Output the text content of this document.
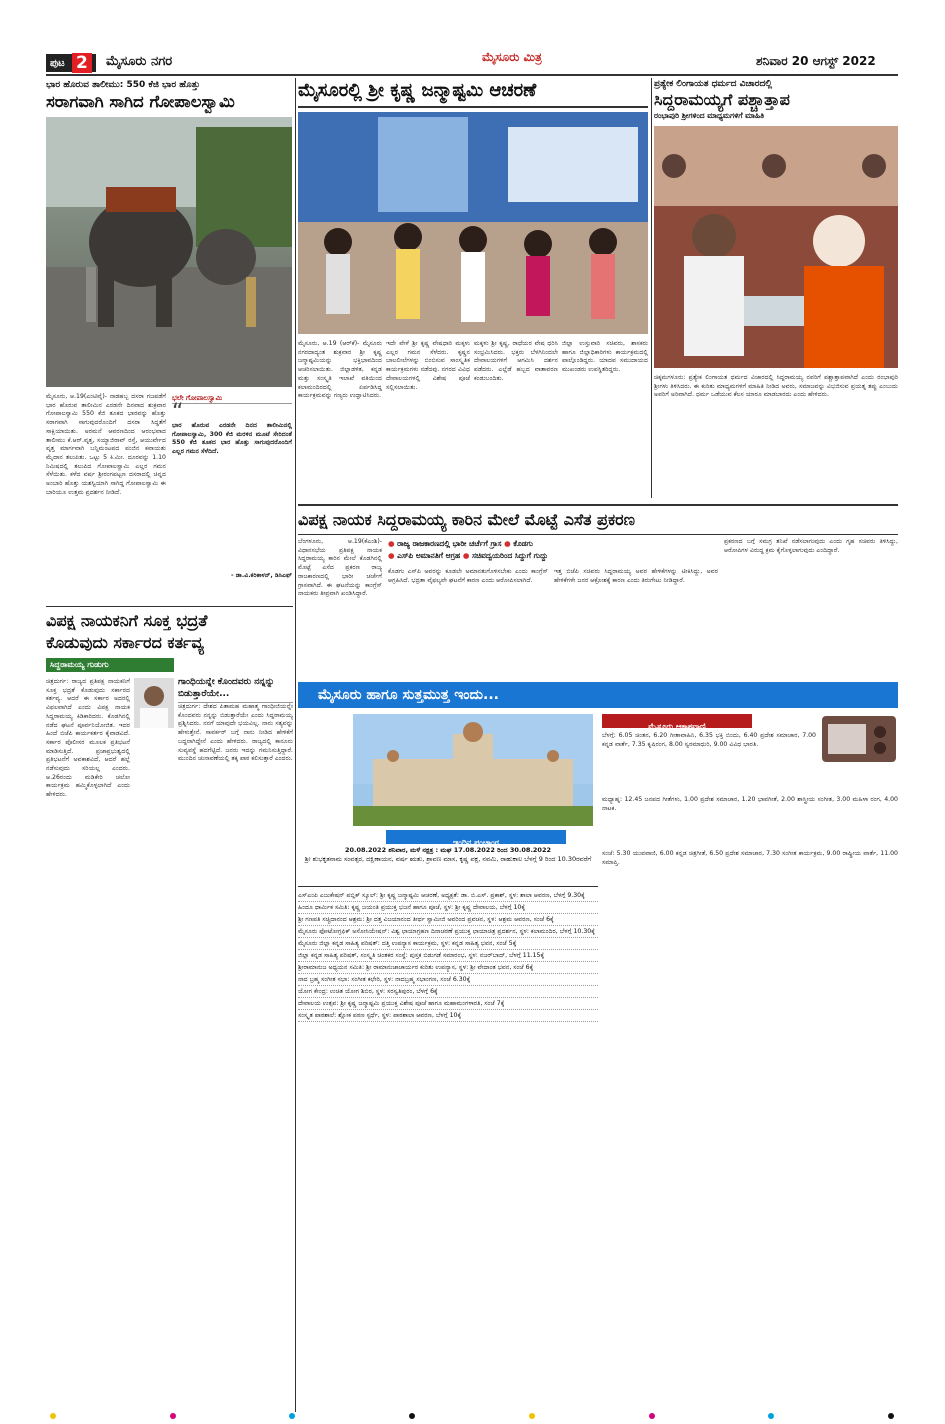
ಪುಟ 2	ಮೈಸೂರು ನಗರ	ಮೈಸೂರು ಮಿತ್ರ	ಶನಿವಾರ 20 ಆಗಸ್ಟ್ 2022
ಭಾರ ಹೊರುವ ತಾಲೀಮು: 550 ಕೆಜಿ ಭಾರ ಹೊತ್ತು
ಸರಾಗವಾಗಿ ಸಾಗಿದ ಗೋಪಾಲಸ್ವಾಮಿ
ಮೈಸೂರು, ಆ.19(ಎಂಟಿವೈ)- ನಾಡಹಬ್ಬ ದಸರಾ ಗಜಪಡೆಗೆ ಭಾರ ಹೊರುವ ತಾಲೀಮಿನ ಎರಡನೇ ದಿನವಾದ ಶುಕ್ರವಾರ ಗೋಪಾಲಸ್ವಾಮಿ 550 ಕೆಜಿ ತೂಕದ ಭಾರವನ್ನು ಹೊತ್ತು ಸರಾಗವಾಗಿ ಸಾಗುವುದರೊಂದಿಗೆ ದಸರಾ ಸಿದ್ಧತೆಗೆ ಸಾಕ್ಷಿಯಾಯಿತು. ಅರಮನೆ ಆವರಣದಿಂದ ಆರಂಭವಾದ ತಾಲೀಮು ಕೆ.ಆರ್.ವೃತ್ತ, ಸಯ್ಯಾಜಿರಾವ್ ರಸ್ತೆ, ಆಯುರ್ವೇದ ವೃತ್ತ ಮಾರ್ಗವಾಗಿ ಬನ್ನಿಮಂಟಪದ ಪಂಜಿನ ಕವಾಯತು ಮೈದಾನ ತಲುಪಿತು. ಒಟ್ಟು 5 ಕಿ.ಮೀ. ದೂರವನ್ನು 1.10 ನಿಮಿಷದಲ್ಲಿ ತಲುಪಿದ ಗೋಪಾಲಸ್ವಾಮಿ ಎಲ್ಲರ ಗಮನ ಸೆಳೆಯಿತು. ಕಳೆದ ವರ್ಷ ಶ್ರೀರಂಗಪಟ್ಟಣ ದಸರಾದಲ್ಲಿ ಚಿನ್ನದ ಅಂಬಾರಿ ಹೊತ್ತು ಯಶಸ್ವಿಯಾಗಿ ಸಾಗಿದ್ದ ಗೋಪಾಲಸ್ವಾಮಿ ಈ ಬಾರಿಯೂ ಉತ್ತಮ ಪ್ರದರ್ಶನ ನೀಡಿದೆ.
ಭಲೇ ಗೋಪಾಲಸ್ವಾಮಿ
“
ಭಾರ ಹೊರುವ ಎರಡನೇ ದಿನದ ತಾಲೀಮಿನಲ್ಲಿ ಗೋಪಾಲಸ್ವಾಮಿ, 300 ಕೆಜಿ ಮರಳಿನ ಮೂಟೆ ಸೇರಿದಂತೆ 550 ಕೆಜಿ ತೂಕದ ಭಾರ ಹೊತ್ತು ಸಾಗುವುದರೊಂದಿಗೆ ಎಲ್ಲರ ಗಮನ ಸೆಳೆದಿದೆ.
- ಡಾ.ವಿ.ಕರಿಕಾಳನ್, ಡಿಸಿಎಫ್
ಮೈಸೂರಲ್ಲಿ ಶ್ರೀ ಕೃಷ್ಣ ಜನ್ಮಾಷ್ಟಮಿ ಆಚರಣೆ
ಮೈಸೂರು, ಆ.19 (ಆರ್‌ಕೆ)- ಮೈಸೂರು ನಗರದಾದ್ಯಂತ ಶುಕ್ರವಾರ ಶ್ರೀ ಕೃಷ್ಣ ಜನ್ಮಾಷ್ಟಮಿಯನ್ನು ಭಕ್ತಿಭಾವದಿಂದ ಆಚರಿಸಲಾಯಿತು. ಜಿಲ್ಲಾಡಳಿತ, ಕನ್ನಡ ಮತ್ತು ಸಂಸ್ಕೃತಿ ಇಲಾಖೆ ವತಿಯಿಂದ ಕಲಾಮಂದಿರದಲ್ಲಿ ಏರ್ಪಡಿಸಿದ್ದ ಕಾರ್ಯಕ್ರಮವನ್ನು ಗಣ್ಯರು ಉದ್ಘಾಟಿಸಿದರು.
ಇದೇ ವೇಳೆ ಶ್ರೀ ಕೃಷ್ಣ ವೇಷಧಾರಿ ಮಕ್ಕಳು ಎಲ್ಲರ ಗಮನ ಸೆಳೆದರು. ಕೃಷ್ಣನ ಬಾಲಲೀಲೆಗಳನ್ನು ಬಿಂಬಿಸುವ ಸಾಂಸ್ಕೃತಿಕ ಕಾರ್ಯಕ್ರಮಗಳು ನಡೆದವು. ನಗರದ ವಿವಿಧ ದೇವಾಲಯಗಳಲ್ಲಿ ವಿಶೇಷ ಪೂಜೆ ಸಲ್ಲಿಸಲಾಯಿತು.
ಮಕ್ಕಳು ಶ್ರೀ ಕೃಷ್ಣ, ರಾಧೆಯರ ವೇಷ ಧರಿಸಿ ಸಂಭ್ರಮಿಸಿದರು. ಭಕ್ತರು ಬೆಳಗಿನಿಂದಲೇ ದೇವಾಲಯಗಳಿಗೆ ಆಗಮಿಸಿ ದರ್ಶನ ಪಡೆದರು. ಎಲ್ಲೆಡೆ ಹಬ್ಬದ ವಾತಾವರಣ ಕಂಡುಬಂದಿತು.
ಜಿಲ್ಲಾ ಉಸ್ತುವಾರಿ ಸಚಿವರು, ಶಾಸಕರು ಹಾಗೂ ಜಿಲ್ಲಾಧಿಕಾರಿಗಳು ಕಾರ್ಯಕ್ರಮದಲ್ಲಿ ಪಾಲ್ಗೊಂಡಿದ್ದರು. ಯಾದವ ಸಮುದಾಯದ ಮುಖಂಡರು ಉಪಸ್ಥಿತರಿದ್ದರು.
ಪ್ರತ್ಯೇಕ ಲಿಂಗಾಯತ ಧರ್ಮದ ವಿಚಾರದಲ್ಲಿ
ಸಿದ್ದರಾಮಯ್ಯಗೆ ಪಶ್ಚಾತ್ತಾಪ
ರಂಭಾಪುರಿ ಶ್ರೀಗಳಿಂದ ಮಾಧ್ಯಮಗಳಿಗೆ ಮಾಹಿತಿ
ಚಿಕ್ಕಮಗಳೂರು: ಪ್ರತ್ಯೇಕ ಲಿಂಗಾಯತ ಧರ್ಮದ ವಿಚಾರದಲ್ಲಿ ಸಿದ್ದರಾಮಯ್ಯ ನವರಿಗೆ ಪಶ್ಚಾತ್ತಾಪವಾಗಿದೆ ಎಂದು ರಂಭಾಪುರಿ ಶ್ರೀಗಳು ತಿಳಿಸಿದರು. ಈ ಕುರಿತು ಮಾಧ್ಯಮಗಳಿಗೆ ಮಾಹಿತಿ ನೀಡಿದ ಅವರು, ಸಮಾಜವನ್ನು ವಿಭಜಿಸುವ ಪ್ರಯತ್ನ ತಪ್ಪು ಎಂಬುದು ಅವರಿಗೆ ಅರಿವಾಗಿದೆ. ಧರ್ಮ ಒಡೆಯುವ ಕೆಲಸ ಯಾರೂ ಮಾಡಬಾರದು ಎಂದು ಹೇಳಿದರು.
ವಿಪಕ್ಷ ನಾಯಕ ಸಿದ್ದರಾಮಯ್ಯ ಕಾರಿನ ಮೇಲೆ ಮೊಟ್ಟೆ ಎಸೆತ ಪ್ರಕರಣ
ಬೆಂಗಳೂರು, ಆ.19(ಕೆಎಂಶಿ)- ವಿಧಾನಸಭೆಯ ಪ್ರತಿಪಕ್ಷ ನಾಯಕ ಸಿದ್ದರಾಮಯ್ಯ ಕಾರಿನ ಮೇಲೆ ಕೊಡಗಿನಲ್ಲಿ ಮೊಟ್ಟೆ ಎಸೆದ ಪ್ರಕರಣ ರಾಜ್ಯ ರಾಜಕಾರಣದಲ್ಲಿ ಭಾರೀ ಚರ್ಚೆಗೆ ಗ್ರಾಸವಾಗಿದೆ. ಈ ಘಟನೆಯನ್ನು ಕಾಂಗ್ರೆಸ್ ನಾಯಕರು ತೀವ್ರವಾಗಿ ಖಂಡಿಸಿದ್ದಾರೆ.
● ರಾಜ್ಯ ರಾಜಕಾರಣದಲ್ಲಿ ಭಾರೀ ಚರ್ಚೆಗೆ ಗ್ರಾಸ ● ಕೊಡಗು
● ಎಸ್‌ಪಿ ಅಮಾನತಿಗೆ ಆಗ್ರಹ ● ಸಚಿವದ್ವಯರಿಂದ ಸಿದ್ದುಗೆ ಗುದ್ದು
ಕೊಡಗು ಎಸ್‌ಪಿ ಅವರನ್ನು ಕೂಡಲೇ ಅಮಾನತುಗೊಳಿಸಬೇಕು ಎಂದು ಕಾಂಗ್ರೆಸ್ ಆಗ್ರಹಿಸಿದೆ. ಭದ್ರತಾ ವೈಫಲ್ಯವೇ ಘಟನೆಗೆ ಕಾರಣ ಎಂದು ಆರೋಪಿಸಲಾಗಿದೆ.
ಇತ್ತ ಬಿಜೆಪಿ ಸಚಿವರು ಸಿದ್ದರಾಮಯ್ಯ ಅವರ ಹೇಳಿಕೆಗಳನ್ನು ಟೀಕಿಸಿದ್ದು, ಅವರ ಹೇಳಿಕೆಗಳೇ ಜನರ ಆಕ್ರೋಶಕ್ಕೆ ಕಾರಣ ಎಂದು ತಿರುಗೇಟು ನೀಡಿದ್ದಾರೆ.
ಪ್ರಕರಣದ ಬಗ್ಗೆ ಸಮಗ್ರ ತನಿಖೆ ನಡೆಸಲಾಗುವುದು ಎಂದು ಗೃಹ ಸಚಿವರು ತಿಳಿಸಿದ್ದು, ಆರೋಪಿಗಳ ವಿರುದ್ಧ ಕ್ರಮ ಕೈಗೊಳ್ಳಲಾಗುವುದು ಎಂದಿದ್ದಾರೆ.
ವಿಪಕ್ಷ ನಾಯಕನಿಗೆ ಸೂಕ್ತ ಭದ್ರತೆ
ಕೊಡುವುದು ಸರ್ಕಾರದ ಕರ್ತವ್ಯ
ಸಿದ್ದರಾಮಯ್ಯ ಗುಡುಗು
ಚಿತ್ರದುರ್ಗ: ರಾಜ್ಯದ ಪ್ರತಿಪಕ್ಷ ನಾಯಕನಿಗೆ ಸೂಕ್ತ ಭದ್ರತೆ ಕೊಡುವುದು ಸರ್ಕಾರದ ಕರ್ತವ್ಯ. ಆದರೆ ಈ ಸರ್ಕಾರ ಅದರಲ್ಲಿ ವಿಫಲವಾಗಿದೆ ಎಂದು ವಿಪಕ್ಷ ನಾಯಕ ಸಿದ್ದರಾಮಯ್ಯ ಕಿಡಿಕಾರಿದರು. ಕೊಡಗಿನಲ್ಲಿ ನಡೆದ ಘಟನೆ ಪೂರ್ವನಿಯೋಜಿತ. ಇದರ ಹಿಂದೆ ಬಿಜೆಪಿ ಕಾರ್ಯಕರ್ತರ ಕೈವಾಡವಿದೆ. ಸರ್ಕಾರ ಪೊಲೀಸರ ಮೂಲಕ ಪ್ರತಿಭಟನೆ ಮಾಡಿಸುತ್ತಿದೆ. ಪ್ರಜಾಪ್ರಭುತ್ವದಲ್ಲಿ ಪ್ರತಿಭಟನೆಗೆ ಅವಕಾಶವಿದೆ, ಆದರೆ ಹಲ್ಲೆ ನಡೆಸುವುದು ಸರಿಯಲ್ಲ ಎಂದರು. ಆ.26ರಂದು ಮಡಿಕೇರಿ ಚಲೋ ಕಾರ್ಯಕ್ರಮ ಹಮ್ಮಿಕೊಳ್ಳಲಾಗಿದೆ ಎಂದು ಹೇಳಿದರು.
ಗಾಂಧಿಯನ್ನೇ ಕೊಂದವರು ನನ್ನನ್ನು ಬಿಡುತ್ತಾರೆಯೇ...
ಚಿತ್ರದುರ್ಗ: ದೇಶದ ಪಿತಾಮಹ ಮಹಾತ್ಮ ಗಾಂಧೀಜಿಯನ್ನೇ ಕೊಂದವರು ನನ್ನನ್ನು ಬಿಡುತ್ತಾರೆಯೇ ಎಂದು ಸಿದ್ದರಾಮಯ್ಯ ಪ್ರಶ್ನಿಸಿದರು. ನನಗೆ ಯಾವುದೇ ಭಯವಿಲ್ಲ. ನಾನು ಸತ್ಯವನ್ನು ಹೇಳುತ್ತೇನೆ. ಸಾವರ್ಕರ್ ಬಗ್ಗೆ ನಾನು ನೀಡಿದ ಹೇಳಿಕೆಗೆ ಬದ್ಧನಾಗಿದ್ದೇನೆ ಎಂದು ಹೇಳಿದರು. ರಾಜ್ಯದಲ್ಲಿ ಕಾನೂನು ಸುವ್ಯವಸ್ಥೆ ಹದಗೆಟ್ಟಿದೆ. ಜನರು ಇದನ್ನು ಗಮನಿಸುತ್ತಿದ್ದಾರೆ. ಮುಂದಿನ ಚುನಾವಣೆಯಲ್ಲಿ ತಕ್ಕ ಪಾಠ ಕಲಿಸುತ್ತಾರೆ ಎಂದರು.
ಮೈಸೂರು ಹಾಗೂ ಸುತ್ತಮುತ್ತ ಇಂದು...
ಇಂದಿನ ಪಂಚಾಂಗ
20.08.2022 ಶನಿವಾರ, ಮಳೆ ನಕ್ಷತ್ರ : ಮಘ 17.08.2022 ರಿಂದ 30.08.2022
ಶ್ರೀ ಶುಭಕೃತನಾಮ ಸಂವತ್ಸರ, ದಕ್ಷಿಣಾಯನ, ವರ್ಷ ಋತು, ಶ್ರಾವಣ ಮಾಸ, ಕೃಷ್ಣ ಪಕ್ಷ, ನವಮಿ, ರಾಹುಕಾಲ ಬೆಳಗ್ಗೆ 9 ರಿಂದ 10.30ರವರೆಗೆ
ಎಸ್‌ಎಂಪಿ ಎಜುಕೇಷನ್ ಪಬ್ಲಿಕ್ ಸ್ಕೂಲ್: ಶ್ರೀ ಕೃಷ್ಣ ಜನ್ಮಾಷ್ಟಮಿ ಆಚರಣೆ, ಅಧ್ಯಕ್ಷತೆ: ಡಾ. ಬಿ.ಎಸ್. ಪ್ರಕಾಶ್, ಸ್ಥಳ: ಶಾಲಾ ಆವರಣ, ಬೆಳಗ್ಗೆ 9.30ಕ್ಕೆ
ಹಿಂದೂ ಧಾರ್ಮಿಕ ಸಮಿತಿ: ಕೃಷ್ಣ ಜಯಂತಿ ಪ್ರಯುಕ್ತ ಭಜನೆ ಹಾಗೂ ಪೂಜೆ, ಸ್ಥಳ: ಶ್ರೀ ಕೃಷ್ಣ ದೇವಾಲಯ, ಬೆಳಗ್ಗೆ 10ಕ್ಕೆ
ಶ್ರೀ ಗಣಪತಿ ಸಚ್ಚಿದಾನಂದ ಆಶ್ರಮ: ಶ್ರೀ ದತ್ತ ವಿಜಯಾನಂದ ತೀರ್ಥ ಸ್ವಾಮೀಜಿ ಅವರಿಂದ ಪ್ರವಚನ, ಸ್ಥಳ: ಆಶ್ರಮ ಆವರಣ, ಸಂಜೆ 6ಕ್ಕೆ
ಮೈಸೂರು ಫೋಟೋಗ್ರಫಿಕ್ ಅಸೋಸಿಯೇಷನ್: ವಿಶ್ವ ಛಾಯಾಗ್ರಹಣ ದಿನಾಚರಣೆ ಪ್ರಯುಕ್ತ ಛಾಯಾಚಿತ್ರ ಪ್ರದರ್ಶನ, ಸ್ಥಳ: ಕಲಾಮಂದಿರ, ಬೆಳಗ್ಗೆ 10.30ಕ್ಕೆ
ಮೈಸೂರು ಜಿಲ್ಲಾ ಕನ್ನಡ ಸಾಹಿತ್ಯ ಪರಿಷತ್: ದತ್ತಿ ಉಪನ್ಯಾಸ ಕಾರ್ಯಕ್ರಮ, ಸ್ಥಳ: ಕನ್ನಡ ಸಾಹಿತ್ಯ ಭವನ, ಸಂಜೆ 5ಕ್ಕೆ
ಜಿಲ್ಲಾ ಕನ್ನಡ ಸಾಹಿತ್ಯ ಪರಿಷತ್, ಸಂಸ್ಕೃತಿ ಚಿಂತಕರ ಸಂಸ್ಥೆ: ಪುಸ್ತಕ ಬಿಡುಗಡೆ ಸಮಾರಂಭ, ಸ್ಥಳ: ನಜರ್‌ಬಾದ್, ಬೆಳಗ್ಗೆ 11.15ಕ್ಕೆ
ಶ್ರೀರಾಮಾನುಜ ಅಧ್ಯಯನ ಸಮಿತಿ: ಶ್ರೀ ರಾಮಾನುಜಾಚಾರ್ಯರ ಕುರಿತು ಉಪನ್ಯಾಸ, ಸ್ಥಳ: ಶ್ರೀ ವೇದಾಂತ ಭವನ, ಸಂಜೆ 6ಕ್ಕೆ
ನಾದ ಬ್ರಹ್ಮ ಸಂಗೀತ ಸಭಾ: ಸಂಗೀತ ಕಛೇರಿ, ಸ್ಥಳ: ನಾದಬ್ರಹ್ಮ ಸಭಾಂಗಣ, ಸಂಜೆ 6.30ಕ್ಕೆ
ಯೋಗ ಕೇಂದ್ರ: ಉಚಿತ ಯೋಗ ಶಿಬಿರ, ಸ್ಥಳ: ಸರಸ್ವತಿಪುರಂ, ಬೆಳಗ್ಗೆ 6ಕ್ಕೆ
ದೇವಾಲಯ ಉತ್ಸವ: ಶ್ರೀ ಕೃಷ್ಣ ಜನ್ಮಾಷ್ಟಮಿ ಪ್ರಯುಕ್ತ ವಿಶೇಷ ಪೂಜೆ ಹಾಗೂ ಮಹಾಮಂಗಳಾರತಿ, ಸಂಜೆ 7ಕ್ಕೆ
ಸಂಸ್ಕೃತ ಪಾಠಶಾಲೆ: ಶ್ಲೋಕ ಪಠಣ ಸ್ಪರ್ಧೆ, ಸ್ಥಳ: ಪಾಠಶಾಲಾ ಆವರಣ, ಬೆಳಗ್ಗೆ 10ಕ್ಕೆ
ಮೈಸೂರು ಆಕಾಶವಾಣಿ
ಬೆಳಗ್ಗೆ: 6.05 ಚಿಂತನ, 6.20 ಗೀತಾವಾಹಿನಿ, 6.35 ಭಕ್ತಿ ಬಿಂದು, 6.40 ಪ್ರದೇಶ ಸಮಾಚಾರ, 7.00 ಕನ್ನಡ ವಾರ್ತೆ, 7.35 ಕೃಷಿರಂಗ, 8.00 ಸ್ವರಮಾಧುರಿ, 9.00 ವಿವಿಧ ಭಾರತಿ.
ಮಧ್ಯಾಹ್ನ: 12.45 ಜನಪದ ಗೀತೆಗಳು, 1.00 ಪ್ರದೇಶ ಸಮಾಚಾರ, 1.20 ಭಾವಗೀತೆ, 2.00 ಶಾಸ್ತ್ರೀಯ ಸಂಗೀತ, 3.00 ಮಹಿಳಾ ರಂಗ, 4.00 ನಾಟಕ.
ಸಂಜೆ: 5.30 ಯುವವಾಣಿ, 6.00 ಕನ್ನಡ ಚಿತ್ರಗೀತೆ, 6.50 ಪ್ರದೇಶ ಸಮಾಚಾರ, 7.30 ಸಂಗೀತ ಕಾರ್ಯಕ್ರಮ, 9.00 ರಾಷ್ಟ್ರೀಯ ವಾರ್ತೆ, 11.00 ಸಮಾಪ್ತಿ.
